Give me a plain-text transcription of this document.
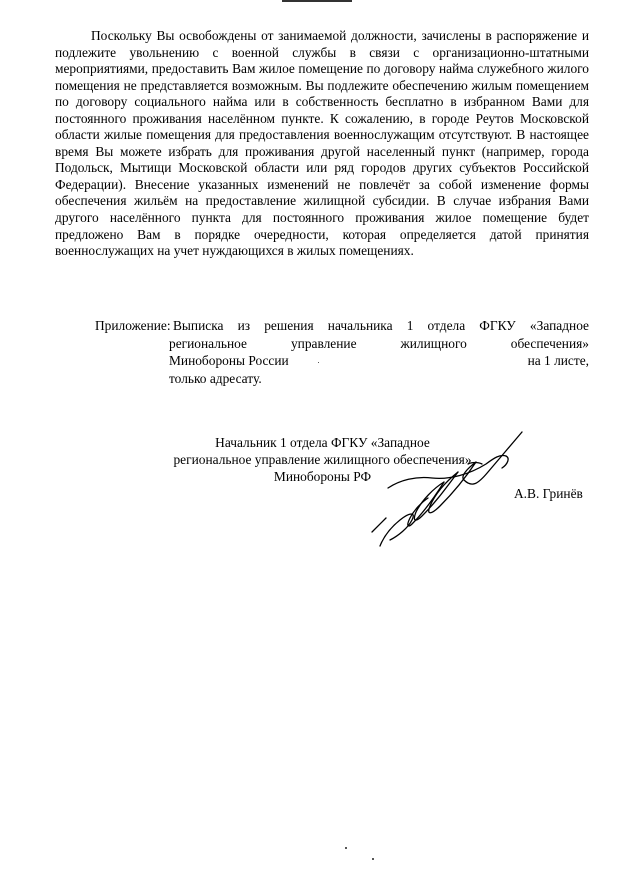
Поскольку Вы освобождены от занимаемой должности, зачислены в распоряжение и подлежите увольнению с военной службы в связи с организационно-штатными мероприятиями, предоставить Вам жилое помещение по договору найма служебного жилого помещения не представляется возможным. Вы подлежите обеспечению жилым помещением по договору социального найма или в собственность бесплатно в избранном Вами для постоянного проживания населённом пункте. К сожалению, в городе Реутов Московской области жилые помещения для предоставления военнослужащим отсутствуют. В настоящее время Вы можете избрать для проживания другой населенный пункт (например, города Подольск, Мытищи Московской области или ряд городов других субъектов Российской Федерации). Внесение указанных изменений не повлечёт за собой изменение формы обеспечения жильём на предоставление жилищной субсидии. В случае избрания Вами другого населённого пункта для постоянного проживания жилое помещение будет предложено Вам в порядке очередности, которая определяется датой принятия военнослужащих на учет нуждающихся в жилых помещениях.

Приложение: Выписка из решения начальника 1 отдела ФГКУ «Западное
региональное управление жилищного обеспечения»
Минобороны России	на 1 листе,
только адресату.
Начальник 1 отдела ФГКУ «Западное
региональное управление жилищного обеспечения»
Минобороны РФ
А.В. Гринёв
